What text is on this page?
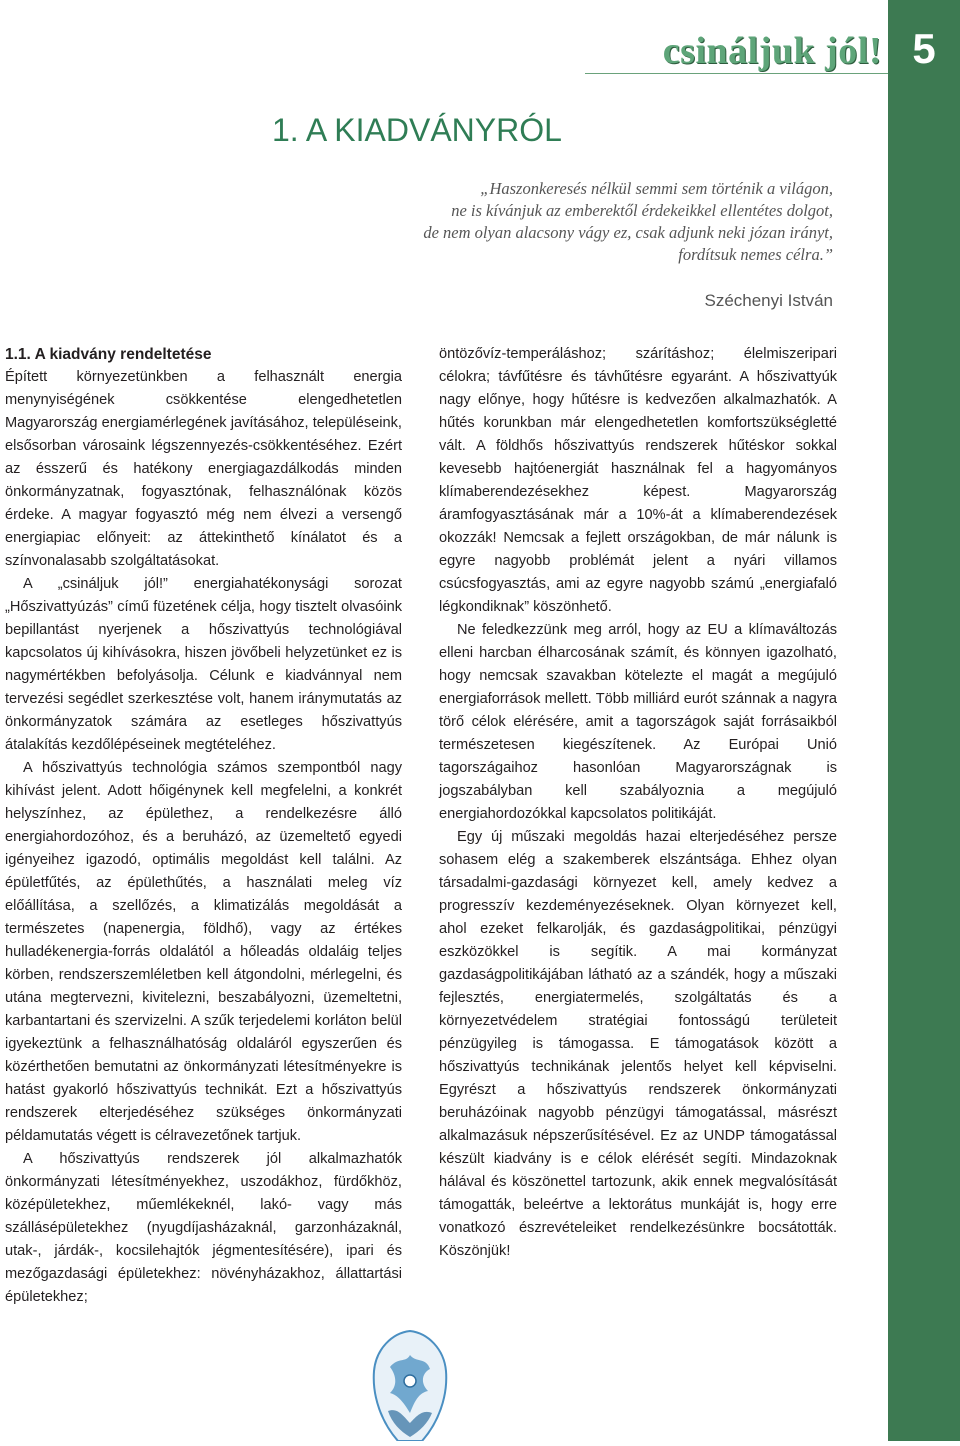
5
csináljuk jól!
1. A KIADVÁNYRÓL
„Haszonkeresés nélkül semmi sem történik a világon,
ne is kívánjuk az emberektől érdekeikkel ellentétes dolgot,
de nem olyan alacsony vágy ez, csak adjunk neki józan irányt,
fordítsuk nemes célra.”
Széchenyi István
1.1. A kiadvány rendeltetése

Épített környezetünkben a felhasznált energia menynyiségének csökkentése elengedhetetlen Magyarország energiamérlegének javításához, településeink, elsősorban városaink légszennyezés-csökkentéséhez. Ezért az ésszerű és hatékony energiagazdálkodás minden önkormányzatnak, fogyasztónak, felhasználónak közös érdeke. A magyar fogyasztó még nem élvezi a versengő energiapiac előnyeit: az áttekinthető kínálatot és a színvonalasabb szolgáltatásokat.

A „csináljuk jól!” energiahatékonysági sorozat „Hőszivattyúzás” című füzetének célja, hogy tisztelt olvasóink bepillantást nyerjenek a hőszivattyús technológiával kapcsolatos új kihívásokra, hiszen jövőbeli helyzetünket ez is nagymértékben befolyásolja. Célunk e kiadvánnyal nem tervezési segédlet szerkesztése volt, hanem iránymutatás az önkormányzatok számára az esetleges hőszivattyús átalakítás kezdőlépéseinek megtételéhez.

A hőszivattyús technológia számos szempontból nagy kihívást jelent. Adott hőigénynek kell megfelelni, a konkrét helyszínhez, az épülethez, a rendelkezésre álló energiahordozóhoz, és a beruházó, az üzemeltető egyedi igényeihez igazodó, optimális megoldást kell találni. Az épületfűtés, az épülethűtés, a használati meleg víz előállítása, a szellőzés, a klimatizálás megoldását a természetes (napenergia, földhő), vagy az értékes hulladékenergia-forrás oldalától a hőleadás oldaláig teljes körben, rendszerszemléletben kell átgondolni, mérlegelni, és utána megtervezni, kivitelezni, beszabályozni, üzemeltetni, karbantartani és szervizelni. A szűk terjedelemi korláton belül igyekeztünk a felhasználhatóság oldaláról egyszerűen és közérthetően bemutatni az önkormányzati létesítményekre is hatást gyakorló hőszivattyús technikát. Ezt a hőszivattyús rendszerek elterjedéséhez szükséges önkormányzati példamutatás végett is célravezetőnek tartjuk.

A hőszivattyús rendszerek jól alkalmazhatók önkormányzati létesítményekhez, uszodákhoz, fürdőkhöz, középületekhez, műemlékeknél, lakó- vagy más szállásépületekhez (nyugdíjasházaknál, garzonházaknál, utak-, járdák-, kocsilehajtók jégmentesítésére), ipari és mezőgazdasági épületekhez: növényházakhoz, állattartási épületekhez;

öntözővíz-temperáláshoz; szárításhoz; élelmiszeripari célokra; távfűtésre és távhűtésre egyaránt. A hőszivattyúk nagy előnye, hogy hűtésre is kedvezően alkalmazhatók. A hűtés korunkban már elengedhetetlen komfortszükségletté vált. A földhős hőszivattyús rendszerek hűtéskor sokkal kevesebb hajtóenergiát használnak fel a hagyományos klímaberendezésekhez képest. Magyarország áramfogyasztásának már a 10%-át a klímaberendezések okozzák! Nemcsak a fejlett országokban, de már nálunk is egyre nagyobb problémát jelent a nyári villamos csúcsfogyasztás, ami az egyre nagyobb számú „energiafaló légkondiknak” köszönhető.

Ne feledkezzünk meg arról, hogy az EU a klímaváltozás elleni harcban élharcosának számít, és könnyen igazolható, hogy nemcsak szavakban kötelezte el magát a megújuló energiaforrások mellett. Több milliárd eurót szánnak a nagyra törő célok elérésére, amit a tagországok saját forrásaikból természetesen kiegészítenek. Az Európai Unió tagországaihoz hasonlóan Magyarországnak is jogszabályban kell szabályoznia a megújuló energiahordozókkal kapcsolatos politikáját.

Egy új műszaki megoldás hazai elterjedéséhez persze sohasem elég a szakemberek elszántsága. Ehhez olyan társadalmi-gazdasági környezet kell, amely kedvez a progresszív kezdeményezéseknek. Olyan környezet kell, ahol ezeket felkarolják, és gazdaságpolitikai, pénzügyi eszközökkel is segítik. A mai kormányzat gazdaságpolitikájában látható az a szándék, hogy a műszaki fejlesztés, energiatermelés, szolgáltatás és a környezetvédelem stratégiai fontosságú területeit pénzügyileg is támogassa. E támogatások között a hőszivattyús technikának jelentős helyet kell képviselni. Egyrészt a hőszivattyús rendszerek önkormányzati beruházóinak nagyobb pénzügyi támogatással, másrészt alkalmazásuk népszerűsítésével. Ez az UNDP támogatással készült kiadvány is e célok elérését segíti. Mindazoknak hálával és köszönettel tartozunk, akik ennek megvalósítását támogatták, beleértve a lektorátus munkáját is, hogy erre vonatkozó észrevételeiket rendelkezésünkre bocsátották. Köszönjük!
